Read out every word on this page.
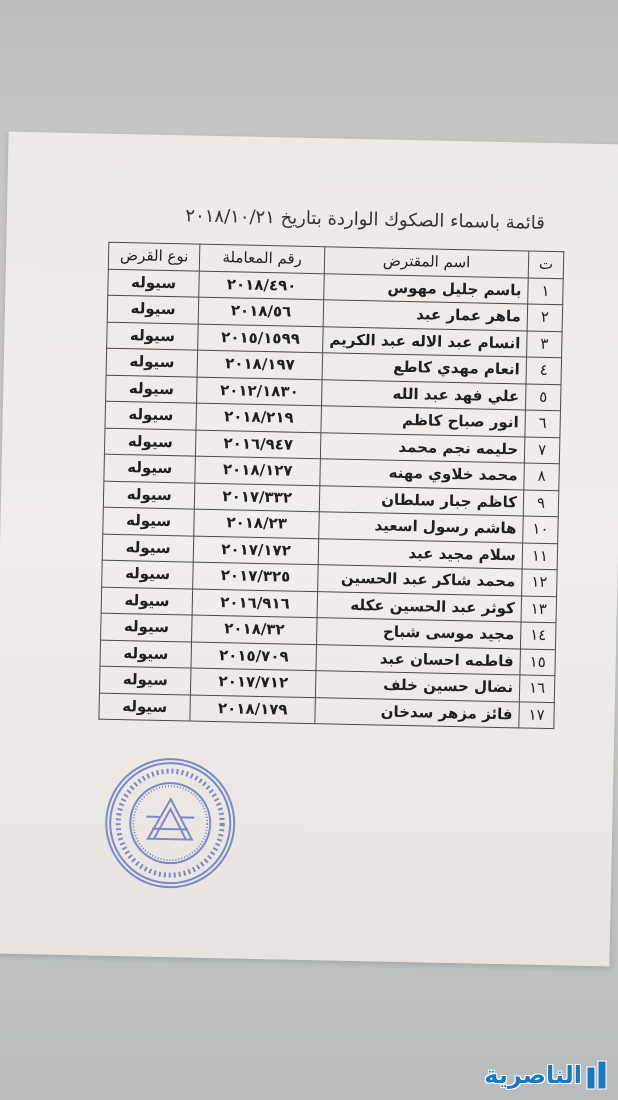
قائمة باسماء الصكوك الواردة بتاريخ ٢٠١٨/١٠/٢١
ت	اسم المقترض	رقم المعاملة	نوع القرض
١	باسم جليل مهوس	٢٠١٨/٤٩٠	سيوله
٢	ماهر عمار عبد	٢٠١٨/٥٦	سيوله
٣	انسام عبد الاله عبد الكريم	٢٠١٥/١٥٩٩	سيوله
٤	انعام مهدي كاطع	٢٠١٨/١٩٧	سيوله
٥	علي فهد عبد الله	٢٠١٢/١٨٣٠	سيوله
٦	انور صباح كاظم	٢٠١٨/٢١٩	سيوله
٧	حليمه نجم محمد	٢٠١٦/٩٤٧	سيوله
٨	محمد خلاوي مهنه	٢٠١٨/١٢٧	سيوله
٩	كاظم جبار سلطان	٢٠١٧/٣٣٢	سيوله
١٠	هاشم رسول اسعيد	٢٠١٨/٢٣	سيوله
١١	سلام مجيد عبد	٢٠١٧/١٧٢	سيوله
١٢	محمد شاكر عبد الحسين	٢٠١٧/٣٢٥	سيوله
١٣	كوثر عبد الحسين عكله	٢٠١٦/٩١٦	سيوله
١٤	مجيد موسى شباح	٢٠١٨/٣٢	سيوله
١٥	فاطمه احسان عبد	٢٠١٥/٧٠٩	سيوله
١٦	نضال حسين خلف	٢٠١٧/٧١٢	سيوله
١٧	فائز مزهر سدخان	٢٠١٨/١٧٩	سيوله
الناصرية
